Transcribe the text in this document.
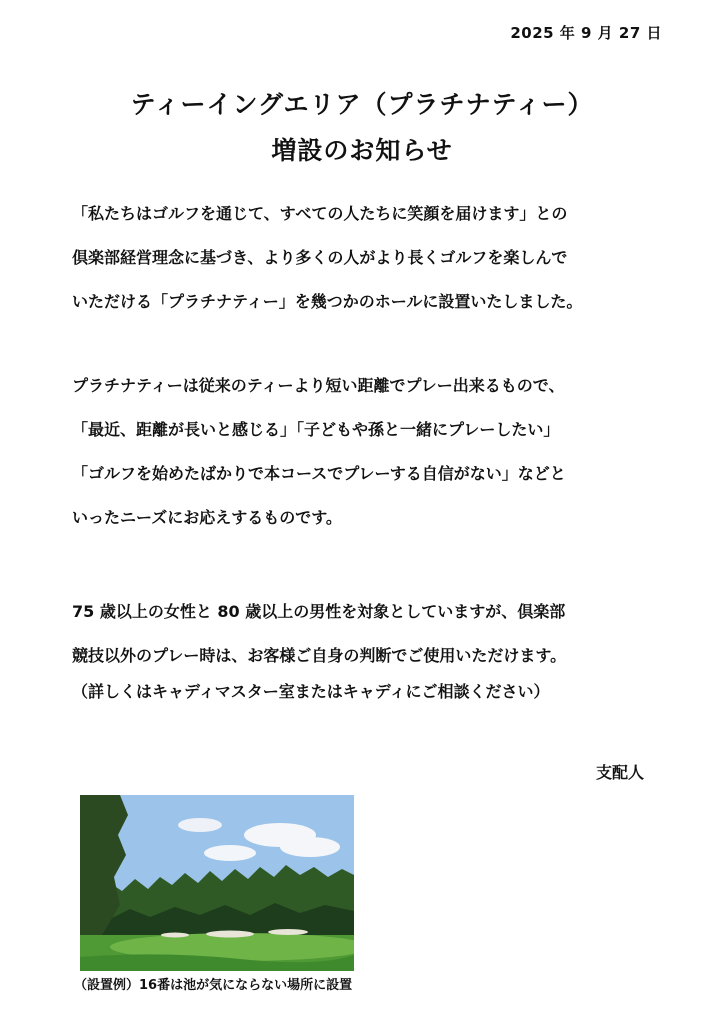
2025 年 9 月 27 日
ティーイングエリア（プラチナティー）
増設のお知らせ
「私たちはゴルフを通じて、すべての人たちに笑顔を届けます」との
倶楽部経営理念に基づき、より多くの人がより長くゴルフを楽しんで
いただける「プラチナティー」を幾つかのホールに設置いたしました。
プラチナティーは従来のティーより短い距離でプレー出来るもので、
「最近、距離が長いと感じる」「子どもや孫と一緒にプレーしたい」
「ゴルフを始めたばかりで本コースでプレーする自信がない」などと
いったニーズにお応えするものです。
75 歳以上の女性と 80 歳以上の男性を対象としていますが、倶楽部
競技以外のプレー時は、お客様ご自身の判断でご使用いただけます。
（詳しくはキャディマスター室またはキャディにご相談ください）
支配人
（設置例）16番は池が気にならない場所に設置
